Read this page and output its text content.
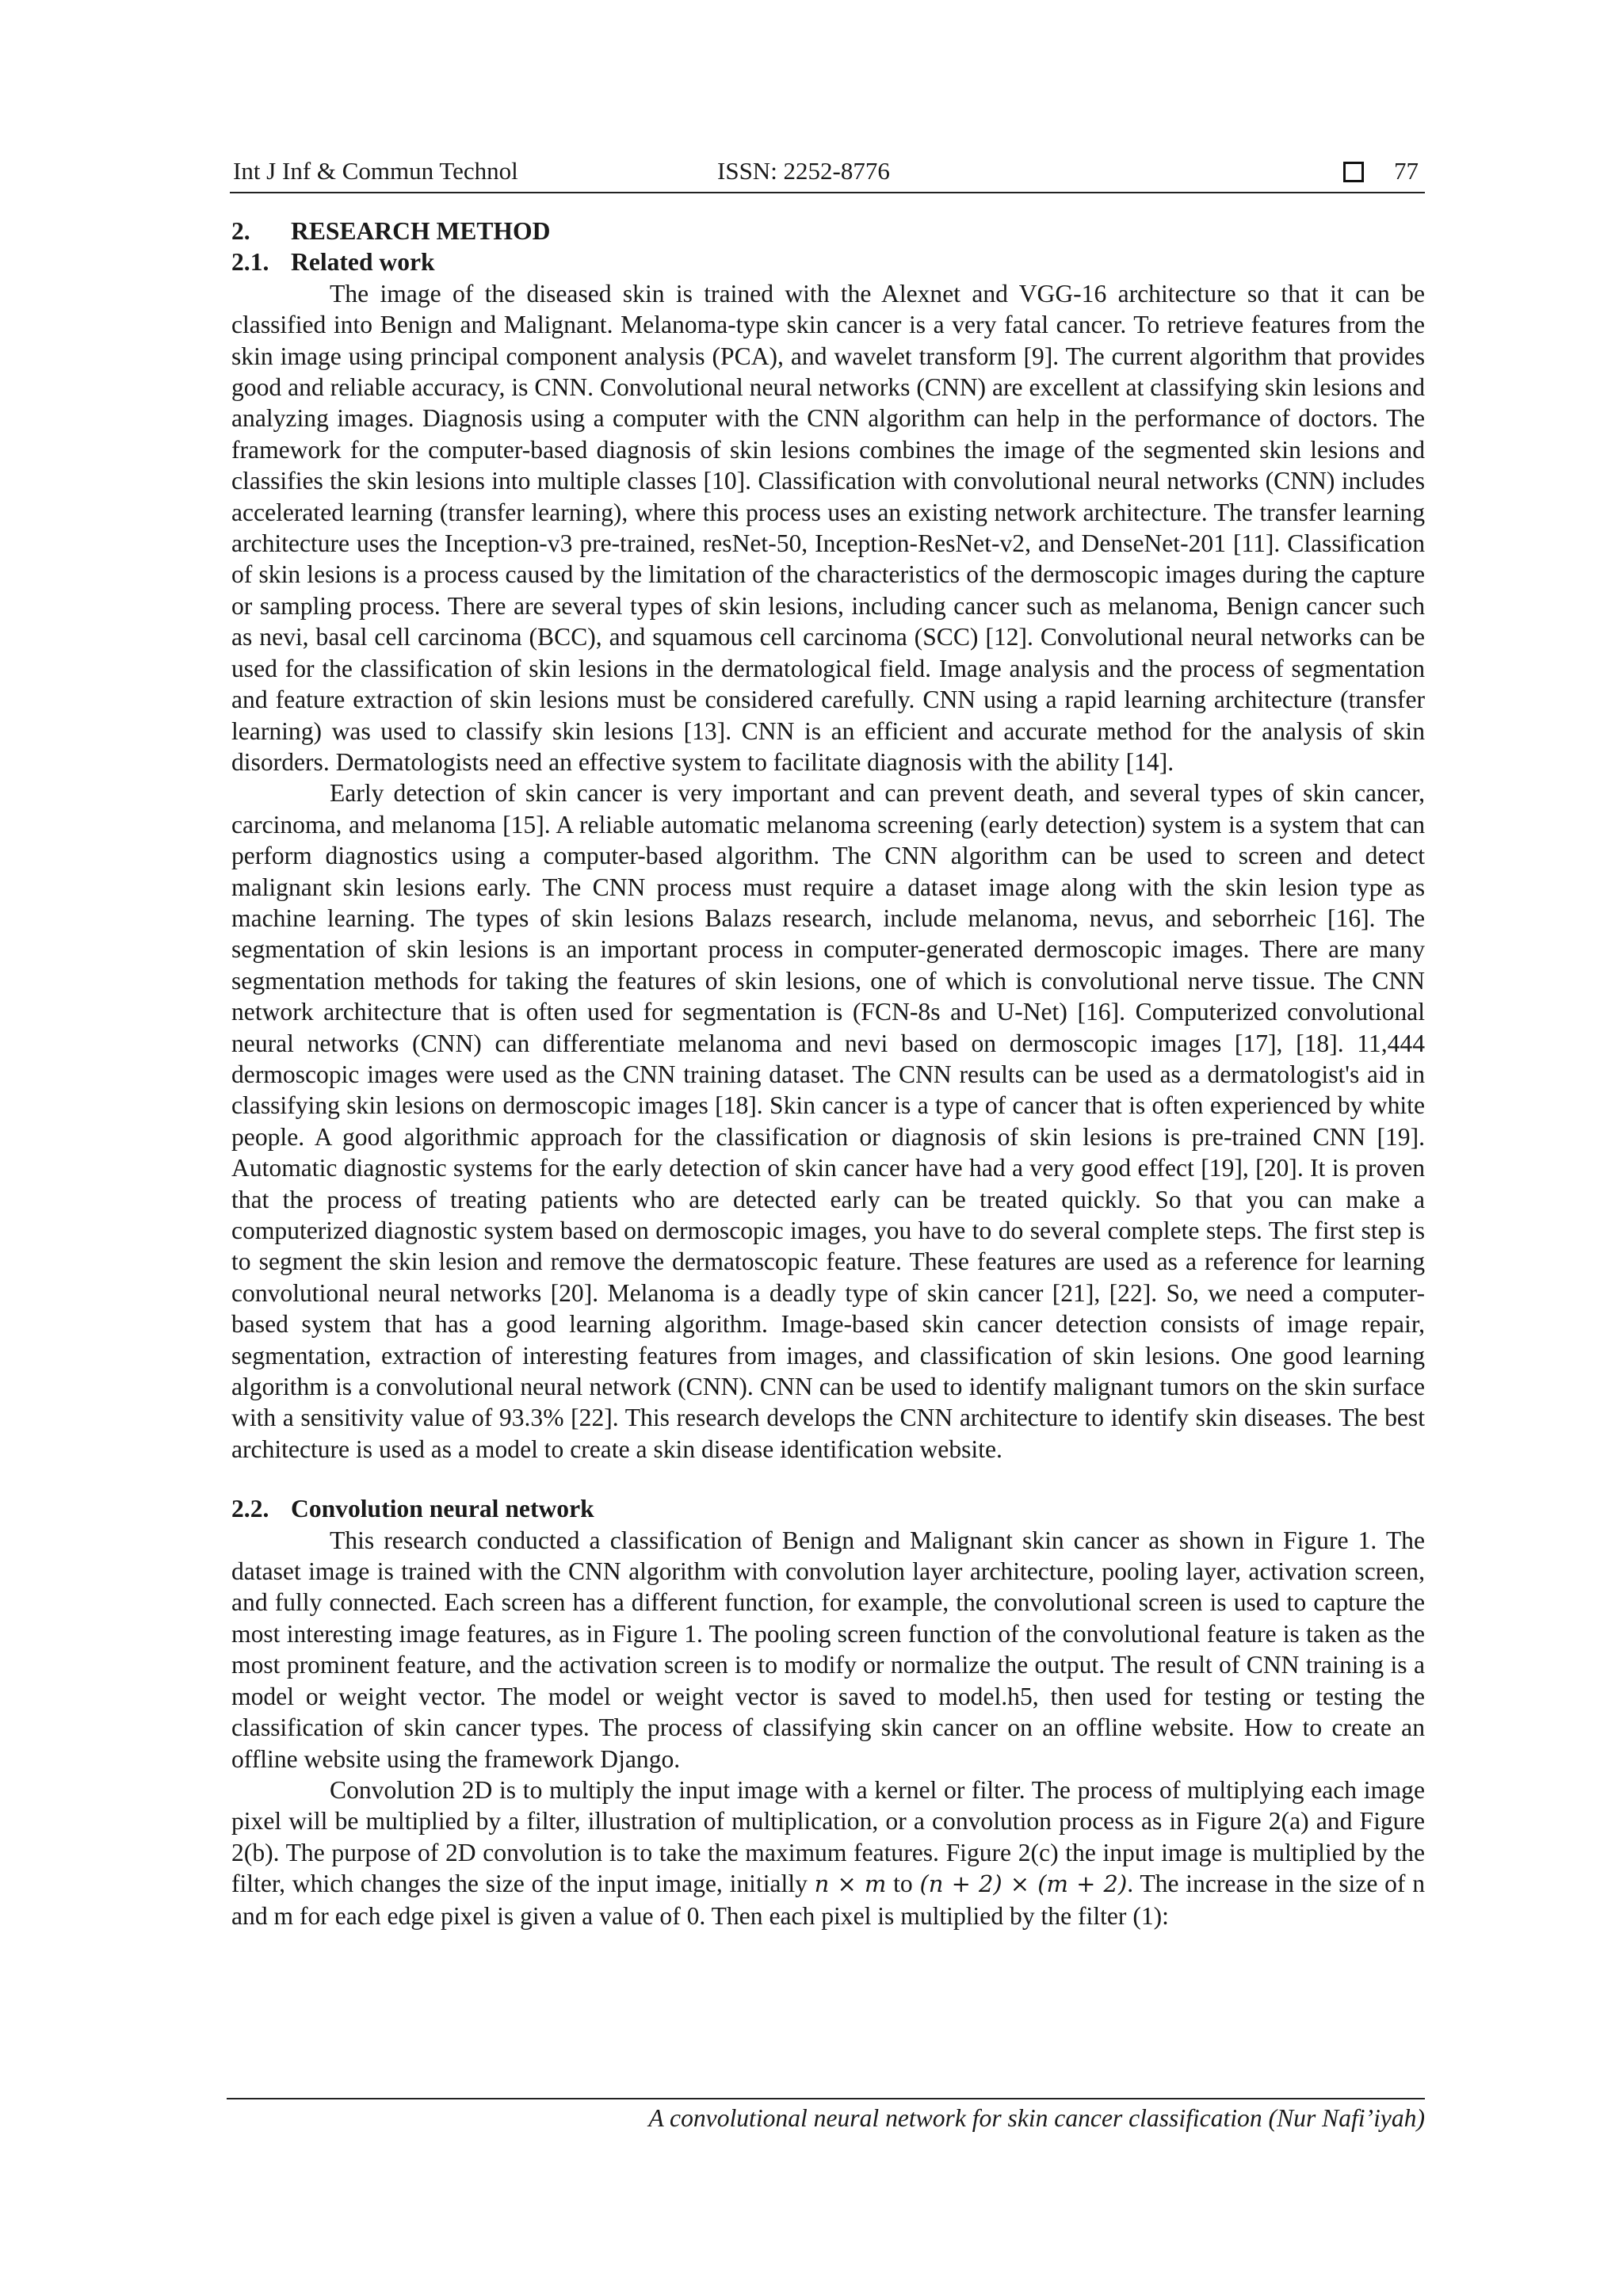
Int J Inf & Commun Technol	ISSN: 2252-8776	77
2. RESEARCH METHOD
2.1. Related work

The image of the diseased skin is trained with the Alexnet and VGG-16 architecture so that it can be classified into Benign and Malignant. Melanoma-type skin cancer is a very fatal cancer. To retrieve features from the skin image using principal component analysis (PCA), and wavelet transform [9]. The current algorithm that provides good and reliable accuracy, is CNN. Convolutional neural networks (CNN) are excellent at classifying skin lesions and analyzing images. Diagnosis using a computer with the CNN algorithm can help in the performance of doctors. The framework for the computer-based diagnosis of skin lesions combines the image of the segmented skin lesions and classifies the skin lesions into multiple classes [10]. Classification with convolutional neural networks (CNN) includes accelerated learning (transfer learning), where this process uses an existing network architecture. The transfer learning architecture uses the Inception-v3 pre-trained, resNet-50, Inception-ResNet-v2, and DenseNet-201 [11]. Classification of skin lesions is a process caused by the limitation of the characteristics of the dermoscopic images during the capture or sampling process. There are several types of skin lesions, including cancer such as melanoma, Benign cancer such as nevi, basal cell carcinoma (BCC), and squamous cell carcinoma (SCC) [12]. Convolutional neural networks can be used for the classification of skin lesions in the dermatological field. Image analysis and the process of segmentation and feature extraction of skin lesions must be considered carefully. CNN using a rapid learning architecture (transfer learning) was used to classify skin lesions [13]. CNN is an efficient and accurate method for the analysis of skin disorders. Dermatologists need an effective system to facilitate diagnosis with the ability [14].

Early detection of skin cancer is very important and can prevent death, and several types of skin cancer, carcinoma, and melanoma [15]. A reliable automatic melanoma screening (early detection) system is a system that can perform diagnostics using a computer-based algorithm. The CNN algorithm can be used to screen and detect malignant skin lesions early. The CNN process must require a dataset image along with the skin lesion type as machine learning. The types of skin lesions Balazs research, include melanoma, nevus, and seborrheic [16]. The segmentation of skin lesions is an important process in computer-generated dermoscopic images. There are many segmentation methods for taking the features of skin lesions, one of which is convolutional nerve tissue. The CNN network architecture that is often used for segmentation is (FCN-8s and U-Net) [16]. Computerized convolutional neural networks (CNN) can differentiate melanoma and nevi based on dermoscopic images [17], [18]. 11,444 dermoscopic images were used as the CNN training dataset. The CNN results can be used as a dermatologist's aid in classifying skin lesions on dermoscopic images [18]. Skin cancer is a type of cancer that is often experienced by white people. A good algorithmic approach for the classification or diagnosis of skin lesions is pre-trained CNN [19]. Automatic diagnostic systems for the early detection of skin cancer have had a very good effect [19], [20]. It is proven that the process of treating patients who are detected early can be treated quickly. So that you can make a computerized diagnostic system based on dermoscopic images, you have to do several complete steps. The first step is to segment the skin lesion and remove the dermatoscopic feature. These features are used as a reference for learning convolutional neural networks [20]. Melanoma is a deadly type of skin cancer [21], [22]. So, we need a computer-based system that has a good learning algorithm. Image-based skin cancer detection consists of image repair, segmentation, extraction of interesting features from images, and classification of skin lesions. One good learning algorithm is a convolutional neural network (CNN). CNN can be used to identify malignant tumors on the skin surface with a sensitivity value of 93.3% [22]. This research develops the CNN architecture to identify skin diseases. The best architecture is used as a model to create a skin disease identification website.

2.2. Convolution neural network

This research conducted a classification of Benign and Malignant skin cancer as shown in Figure 1. The dataset image is trained with the CNN algorithm with convolution layer architecture, pooling layer, activation screen, and fully connected. Each screen has a different function, for example, the convolutional screen is used to capture the most interesting image features, as in Figure 1. The pooling screen function of the convolutional feature is taken as the most prominent feature, and the activation screen is to modify or normalize the output. The result of CNN training is a model or weight vector. The model or weight vector is saved to model.h5, then used for testing or testing the classification of skin cancer types. The process of classifying skin cancer on an offline website. How to create an offline website using the framework Django.

Convolution 2D is to multiply the input image with a kernel or filter. The process of multiplying each image pixel will be multiplied by a filter, illustration of multiplication, or a convolution process as in Figure 2(a) and Figure 2(b). The purpose of 2D convolution is to take the maximum features. Figure 2(c) the input image is multiplied by the filter, which changes the size of the input image, initially n × m to (n + 2) × (m + 2). The increase in the size of n and m for each edge pixel is given a value of 0. Then each pixel is multiplied by the filter (1):

A convolutional neural network for skin cancer classification (Nur Nafi’iyah)
